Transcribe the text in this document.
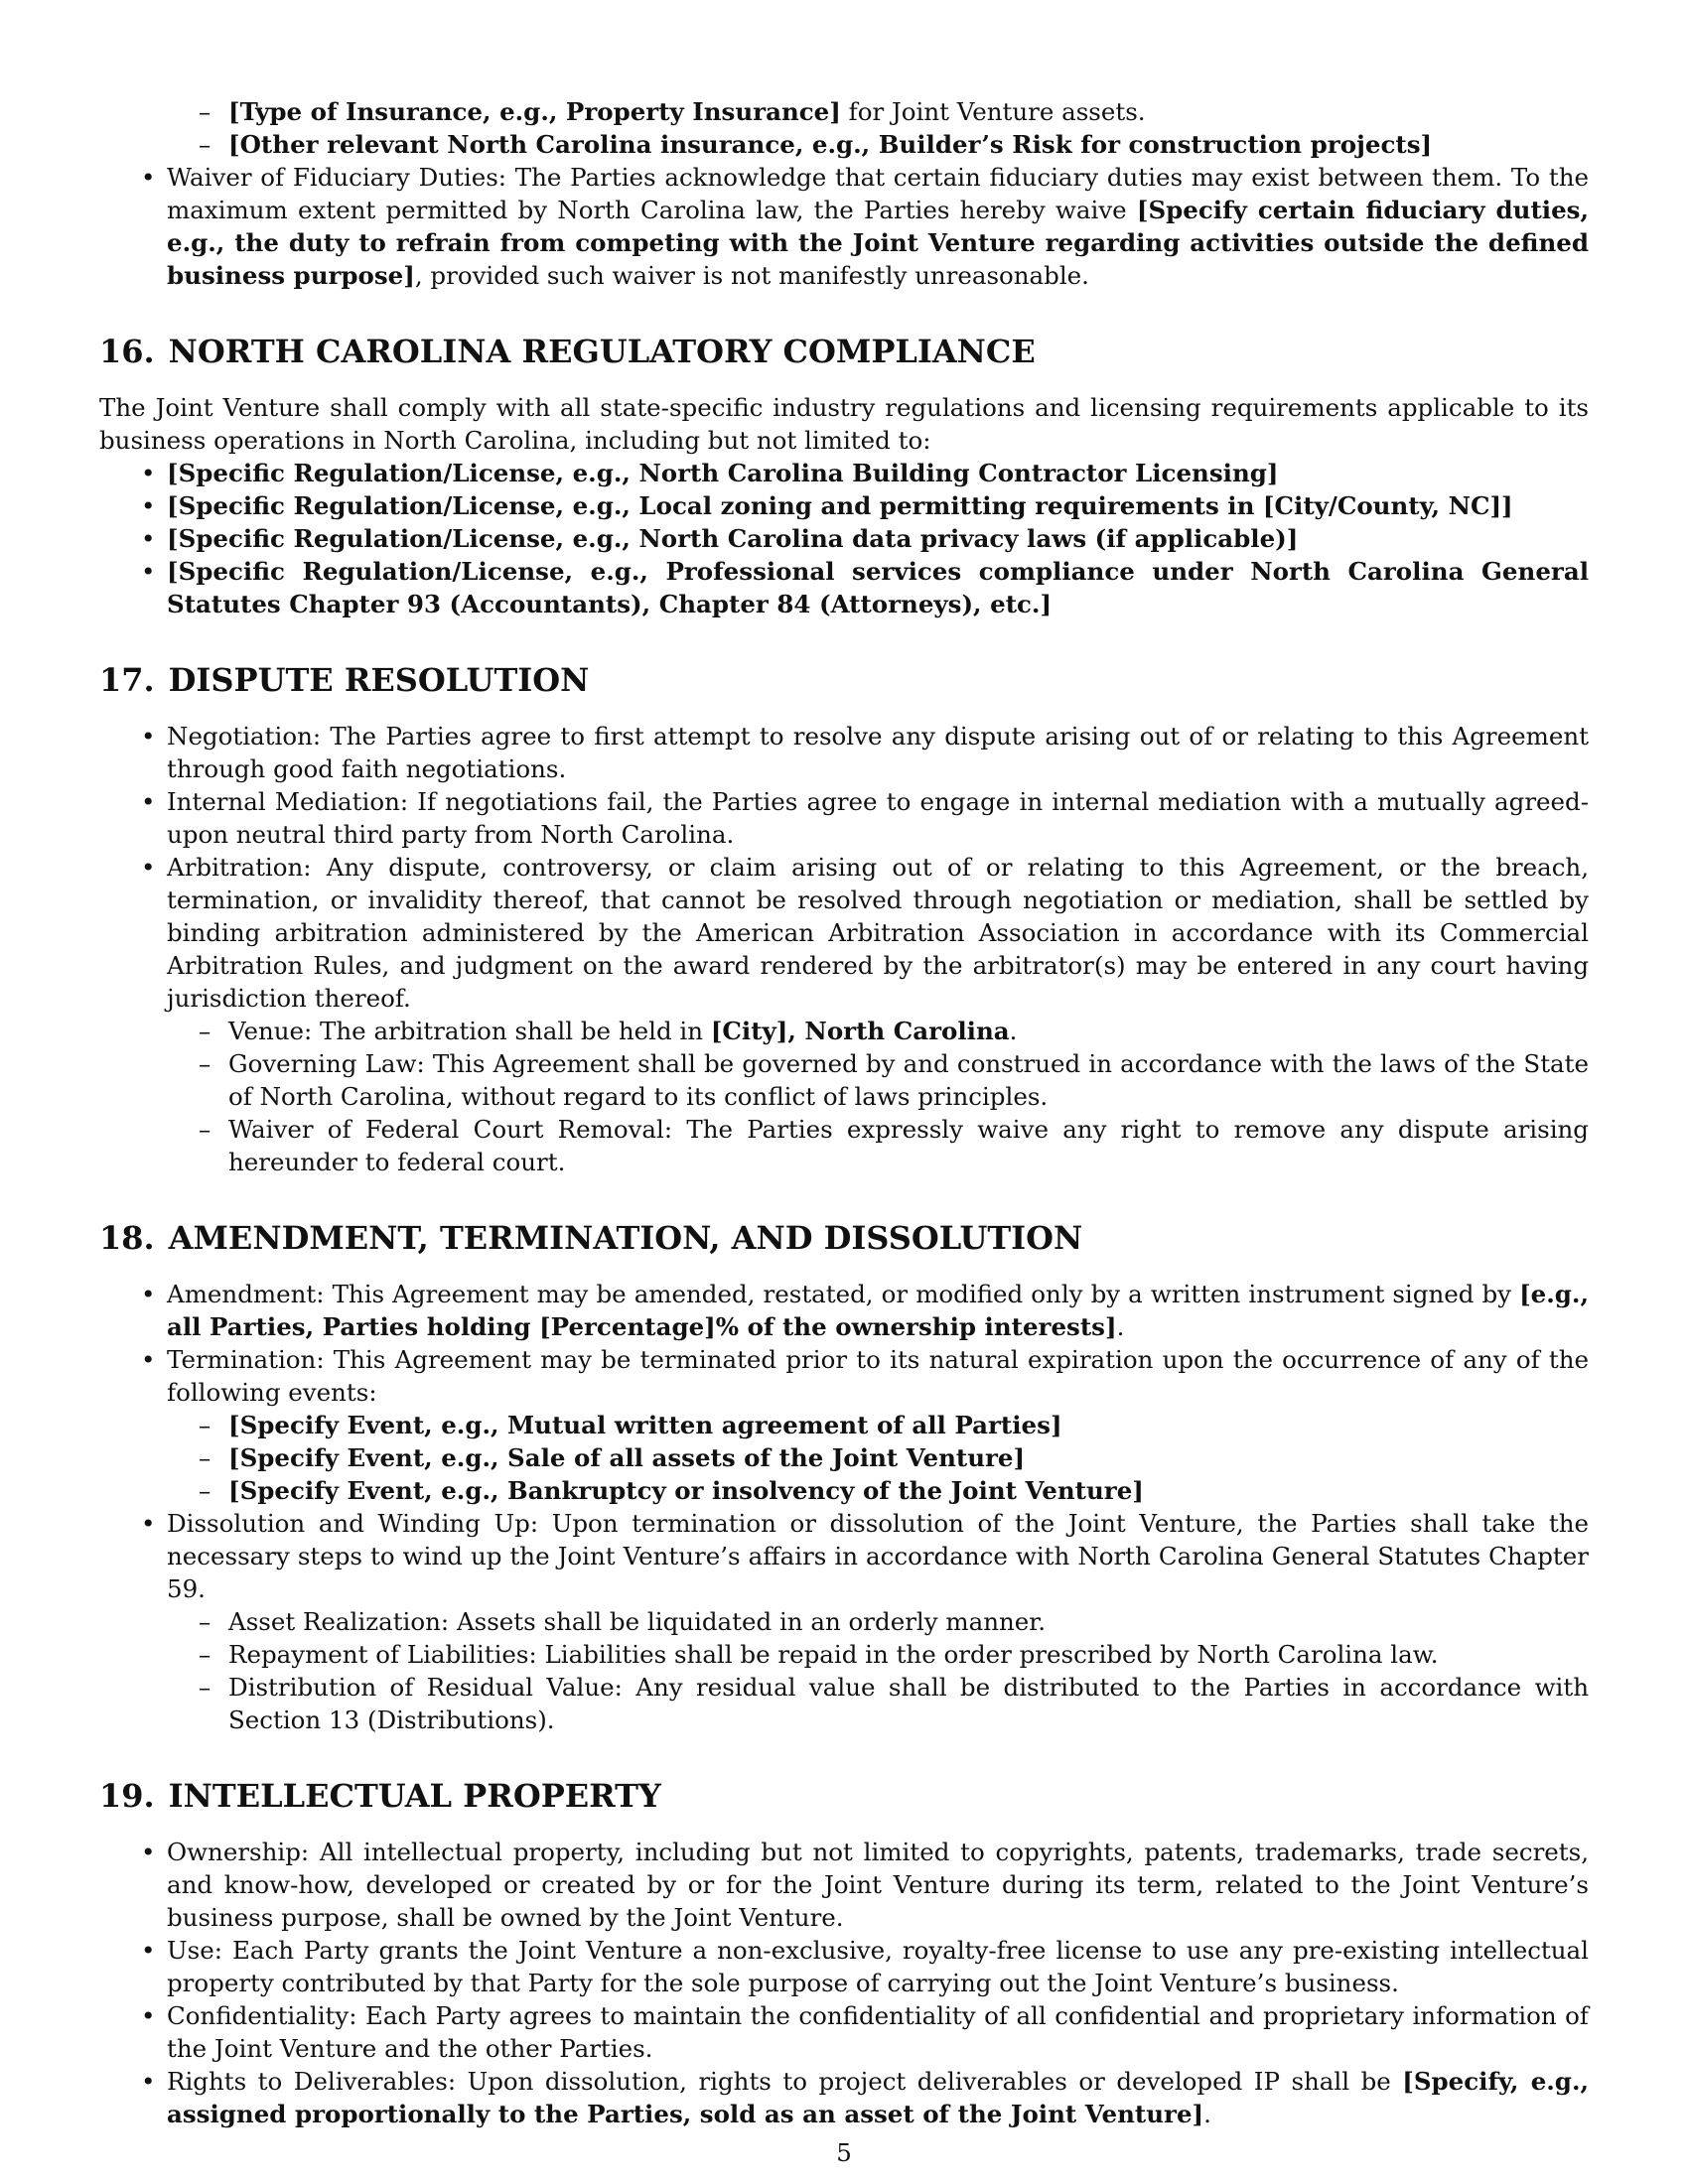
– [Type of Insurance, e.g., Property Insurance] for Joint Venture assets.
– [Other relevant North Carolina insurance, e.g., Builder’s Risk for construction projects]
• Waiver of Fiduciary Duties: The Parties acknowledge that certain fiduciary duties may exist between them. To the maximum extent permitted by North Carolina law, the Parties hereby waive [Specify certain fiduciary duties, e.g., the duty to refrain from competing with the Joint Venture regarding activities outside the defined business purpose], provided such waiver is not manifestly unreasonable.
16. NORTH CAROLINA REGULATORY COMPLIANCE

The Joint Venture shall comply with all state-specific industry regulations and licensing requirements applicable to its business operations in North Carolina, including but not limited to:

• [Specific Regulation/License, e.g., North Carolina Building Contractor Licensing]
• [Specific Regulation/License, e.g., Local zoning and permitting requirements in [City/County, NC]]
• [Specific Regulation/License, e.g., North Carolina data privacy laws (if applicable)]
• [Specific Regulation/License, e.g., Professional services compliance under North Carolina General Statutes Chapter 93 (Accountants), Chapter 84 (Attorneys), etc.]
17. DISPUTE RESOLUTION
• Negotiation: The Parties agree to first attempt to resolve any dispute arising out of or relating to this Agreement through good faith negotiations.
• Internal Mediation: If negotiations fail, the Parties agree to engage in internal mediation with a mutually agreed-upon neutral third party from North Carolina.
• Arbitration: Any dispute, controversy, or claim arising out of or relating to this Agreement, or the breach, termination, or invalidity thereof, that cannot be resolved through negotiation or mediation, shall be settled by binding arbitration administered by the American Arbitration Association in accordance with its Commercial Arbitration Rules, and judgment on the award rendered by the arbitrator(s) may be entered in any court having jurisdiction thereof.
– Venue: The arbitration shall be held in [City], North Carolina.
– Governing Law: This Agreement shall be governed by and construed in accordance with the laws of the State of North Carolina, without regard to its conflict of laws principles.
– Waiver of Federal Court Removal: The Parties expressly waive any right to remove any dispute arising hereunder to federal court.
18. AMENDMENT, TERMINATION, AND DISSOLUTION
• Amendment: This Agreement may be amended, restated, or modified only by a written instrument signed by [e.g., all Parties, Parties holding [Percentage]% of the ownership interests].
• Termination: This Agreement may be terminated prior to its natural expiration upon the occurrence of any of the following events:
– [Specify Event, e.g., Mutual written agreement of all Parties]
– [Specify Event, e.g., Sale of all assets of the Joint Venture]
– [Specify Event, e.g., Bankruptcy or insolvency of the Joint Venture]
• Dissolution and Winding Up: Upon termination or dissolution of the Joint Venture, the Parties shall take the necessary steps to wind up the Joint Venture’s affairs in accordance with North Carolina General Statutes Chapter 59.
– Asset Realization: Assets shall be liquidated in an orderly manner.
– Repayment of Liabilities: Liabilities shall be repaid in the order prescribed by North Carolina law.
– Distribution of Residual Value: Any residual value shall be distributed to the Parties in accordance with Section 13 (Distributions).
19. INTELLECTUAL PROPERTY
• Ownership: All intellectual property, including but not limited to copyrights, patents, trademarks, trade secrets, and know-how, developed or created by or for the Joint Venture during its term, related to the Joint Venture’s business purpose, shall be owned by the Joint Venture.
• Use: Each Party grants the Joint Venture a non-exclusive, royalty-free license to use any pre-existing intellectual property contributed by that Party for the sole purpose of carrying out the Joint Venture’s business.
• Confidentiality: Each Party agrees to maintain the confidentiality of all confidential and proprietary information of the Joint Venture and the other Parties.
• Rights to Deliverables: Upon dissolution, rights to project deliverables or developed IP shall be [Specify, e.g., assigned proportionally to the Parties, sold as an asset of the Joint Venture].
5
